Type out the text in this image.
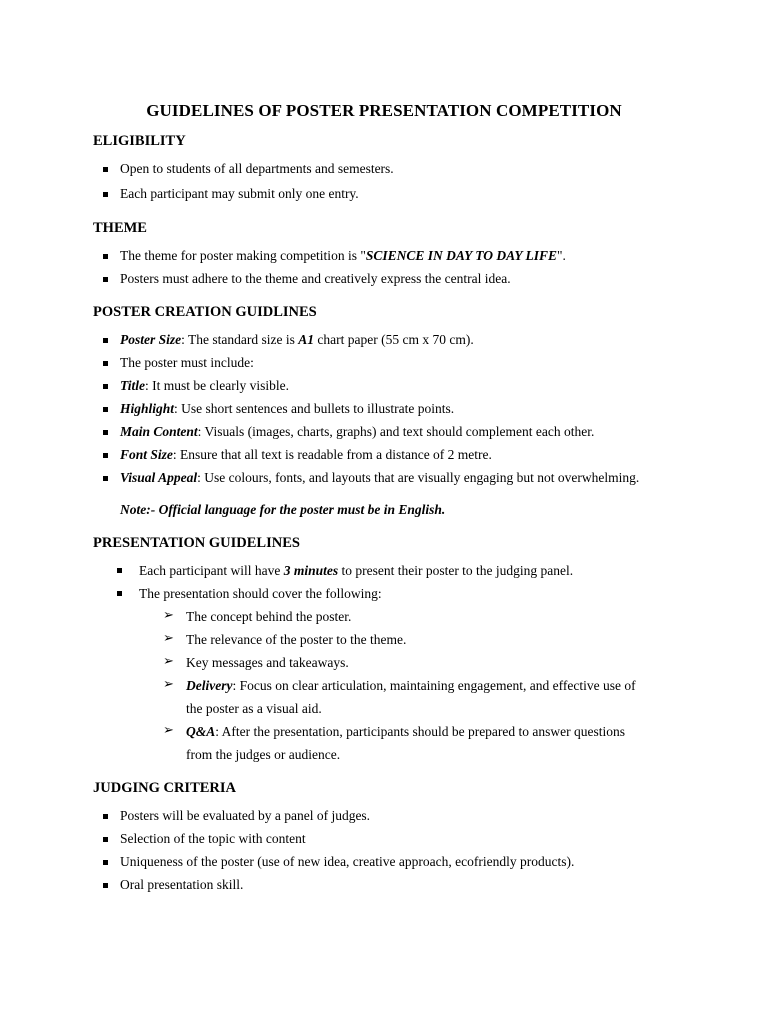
GUIDELINES OF POSTER PRESENTATION COMPETITION
ELIGIBILITY
Open to students of all departments and semesters.
Each participant may submit only one entry.
THEME
The theme for poster making competition is "SCIENCE IN DAY TO DAY LIFE".
Posters must adhere to the theme and creatively express the central idea.
POSTER CREATION GUIDLINES
Poster Size: The standard size is A1 chart paper (55 cm x 70 cm).
The poster must include:
Title: It must be clearly visible.
Highlight: Use short sentences and bullets to illustrate points.
Main Content: Visuals (images, charts, graphs) and text should complement each other.
Font Size: Ensure that all text is readable from a distance of 2 metre.
Visual Appeal: Use colours, fonts, and layouts that are visually engaging but not overwhelming.
Note:- Official language for the poster must be in English.
PRESENTATION GUIDELINES
Each participant will have 3 minutes to present their poster to the judging panel.
The presentation should cover the following:
➢ The concept behind the poster.
➢ The relevance of the poster to the theme.
➢ Key messages and takeaways.
➢ Delivery: Focus on clear articulation, maintaining engagement, and effective use of
the poster as a visual aid.
➢ Q&A: After the presentation, participants should be prepared to answer questions
from the judges or audience.
JUDGING CRITERIA
Posters will be evaluated by a panel of judges.
Selection of the topic with content
Uniqueness of the poster (use of new idea, creative approach, ecofriendly products).
Oral presentation skill.
